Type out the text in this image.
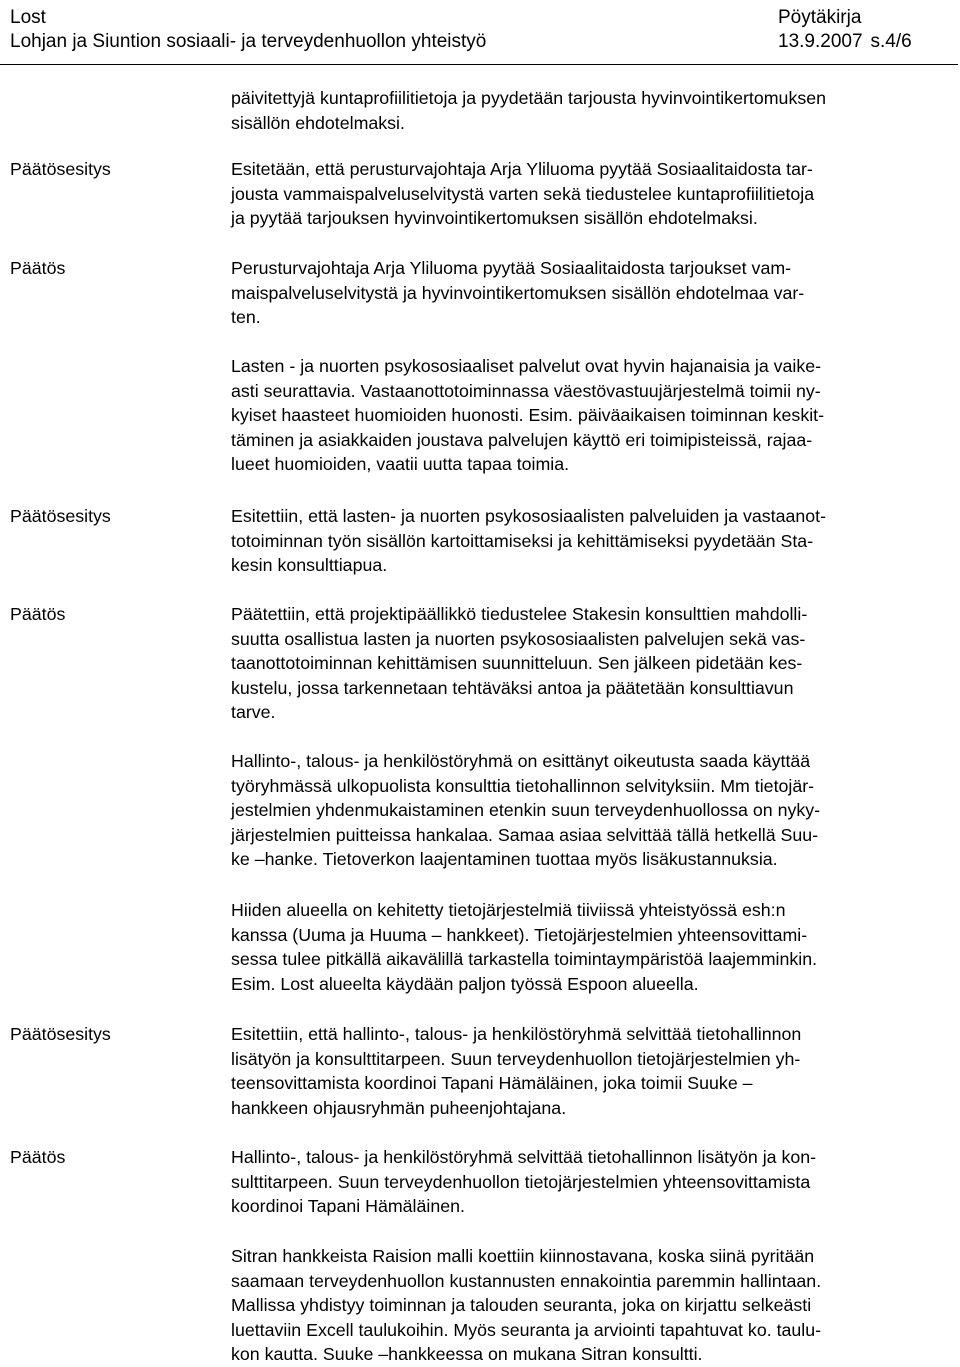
Lost
Lohjan ja Siuntion sosiaali- ja terveydenhuollon yhteistyö
Pöytäkirja
13.9.2007 s.4/6

päivitettyjä kuntaprofiilitietoja ja pyydetään tarjousta hyvinvointikertomuksen
sisällön ehdotelmaksi.

Päätösesitys	Esitetään, että perusturvajohtaja Arja Yliluoma pyytää Sosiaalitaidosta tar-
jousta vammaispalveluselvitystä varten sekä tiedustelee kuntaprofiilitietoja
ja pyytää tarjouksen hyvinvointikertomuksen sisällön ehdotelmaksi.

Päätös	Perusturvajohtaja Arja Yliluoma pyytää Sosiaalitaidosta tarjoukset vam-
maispalveluselvitystä ja hyvinvointikertomuksen sisällön ehdotelmaa var-
ten.

Lasten - ja nuorten psykososiaaliset palvelut ovat hyvin hajanaisia ja vaike-
asti seurattavia. Vastaanottotoiminnassa väestövastuujärjestelmä toimii ny-
kyiset haasteet huomioiden huonosti. Esim. päiväaikaisen toiminnan keskit-
täminen ja asiakkaiden joustava palvelujen käyttö eri toimipisteissä, rajaa-
lueet huomioiden, vaatii uutta tapaa toimia.

Päätösesitys	Esitettiin, että lasten- ja nuorten psykososiaalisten palveluiden ja vastaanot-
totoiminnan työn sisällön kartoittamiseksi ja kehittämiseksi pyydetään Sta-
kesin konsulttiapua.

Päätös	Päätettiin, että projektipäällikkö tiedustelee Stakesin konsulttien mahdolli-
suutta osallistua lasten ja nuorten psykososiaalisten palvelujen sekä vas-
taanottotoiminnan kehittämisen suunnitteluun. Sen jälkeen pidetään kes-
kustelu, jossa tarkennetaan tehtäväksi antoa ja päätetään konsulttiavun
tarve.

Hallinto-, talous- ja henkilöstöryhmä on esittänyt oikeutusta saada käyttää
työryhmässä ulkopuolista konsulttia tietohallinnon selvityksiin. Mm tietojär-
jestelmien yhdenmukaistaminen etenkin suun terveydenhuollossa on nyky-
järjestelmien puitteissa hankalaa. Samaa asiaa selvittää tällä hetkellä Suu-
ke –hanke. Tietoverkon laajentaminen tuottaa myös lisäkustannuksia.

Hiiden alueella on kehitetty tietojärjestelmiä tiiviissä yhteistyössä esh:n
kanssa (Uuma ja Huuma – hankkeet). Tietojärjestelmien yhteensovittami-
sessa tulee pitkällä aikavälillä tarkastella toimintaympäristöä laajemminkin.
Esim. Lost alueelta käydään paljon työssä Espoon alueella.

Päätösesitys	Esitettiin, että hallinto-, talous- ja henkilöstöryhmä selvittää tietohallinnon
lisätyön ja konsulttitarpeen. Suun terveydenhuollon tietojärjestelmien yh-
teensovittamista koordinoi Tapani Hämäläinen, joka toimii Suuke –
hankkeen ohjausryhmän puheenjohtajana.

Päätös	Hallinto-, talous- ja henkilöstöryhmä selvittää tietohallinnon lisätyön ja kon-
sulttitarpeen. Suun terveydenhuollon tietojärjestelmien yhteensovittamista
koordinoi Tapani Hämäläinen.

Sitran hankkeista Raision malli koettiin kiinnostavana, koska siinä pyritään
saamaan terveydenhuollon kustannusten ennakointia paremmin hallintaan.
Mallissa yhdistyy toiminnan ja talouden seuranta, joka on kirjattu selkeästi
luettaviin Excell taulukoihin. Myös seuranta ja arviointi tapahtuvat ko. taulu-
kon kautta. Suuke –hankkeessa on mukana Sitran konsultti.
